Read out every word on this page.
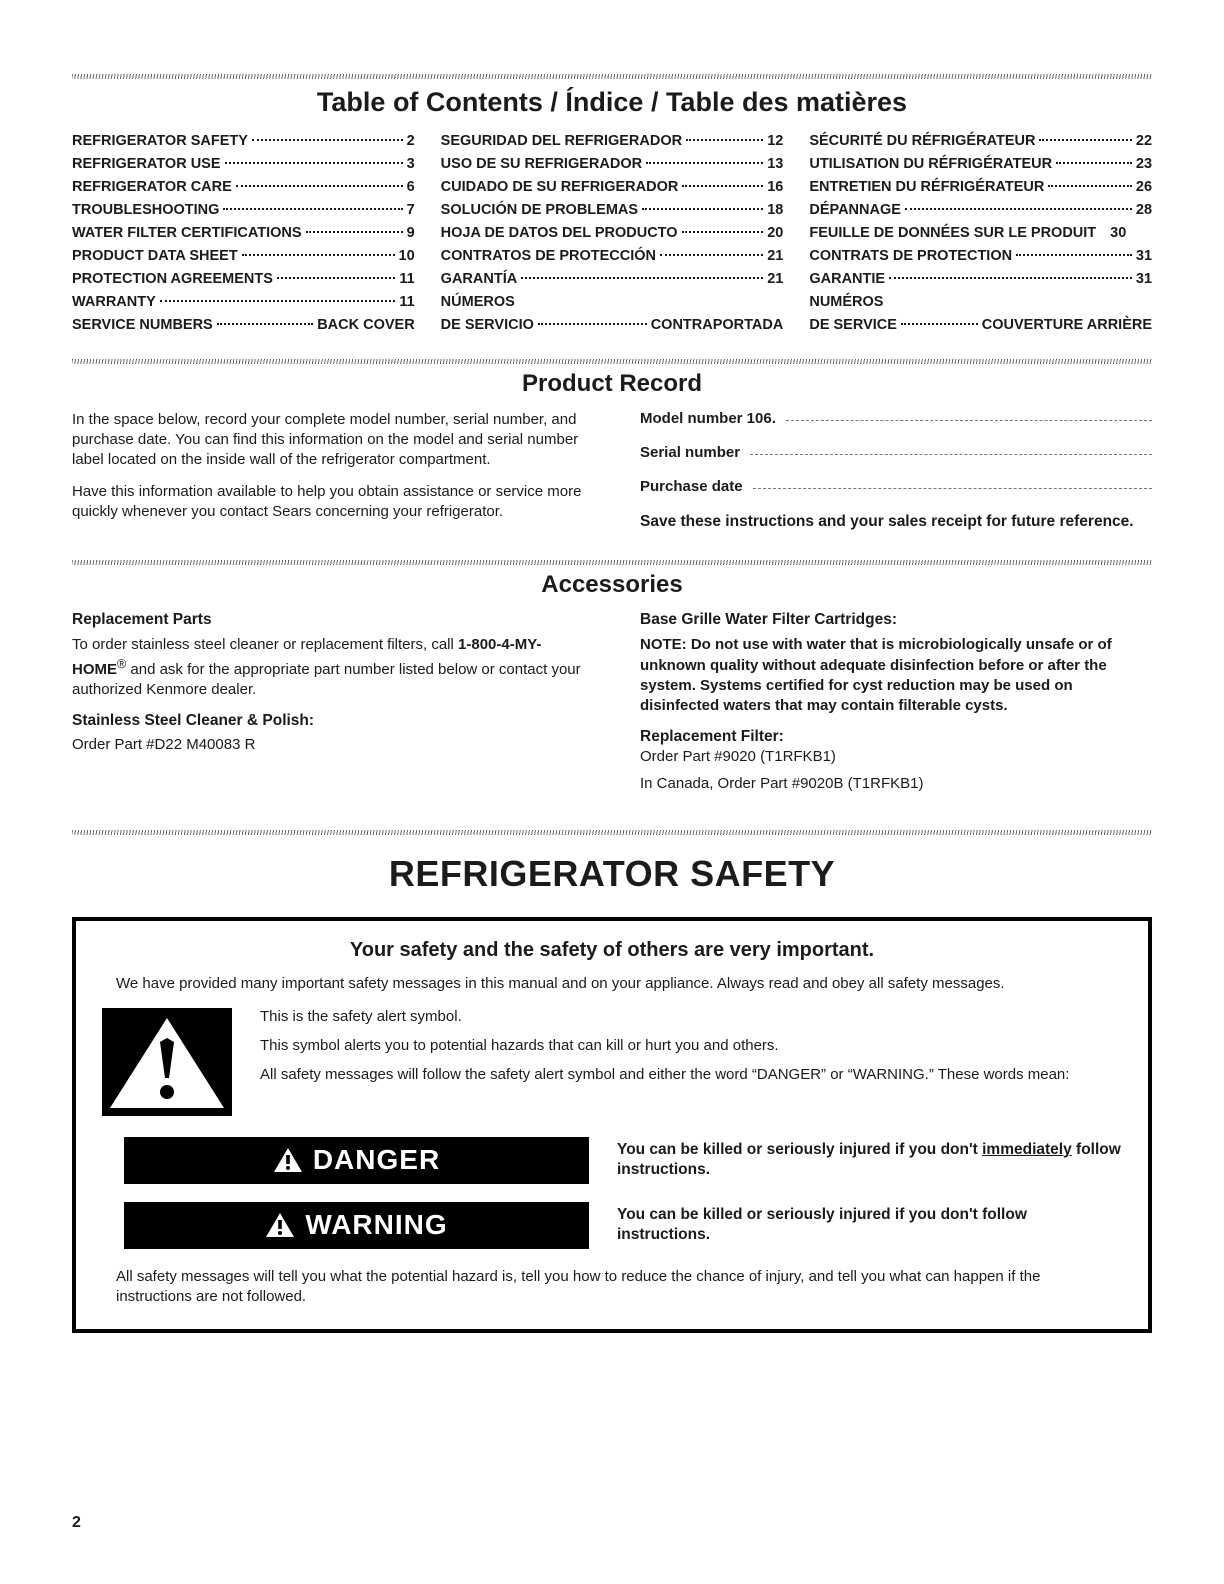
Table of Contents / Índice / Table des matières
REFRIGERATOR SAFETY	2
REFRIGERATOR USE	3
REFRIGERATOR CARE	6
TROUBLESHOOTING	7
WATER FILTER CERTIFICATIONS	9
PRODUCT DATA SHEET	10
PROTECTION AGREEMENTS	11
WARRANTY	11
SERVICE NUMBERS	BACK COVER
SEGURIDAD DEL REFRIGERADOR	12
USO DE SU REFRIGERADOR	13
CUIDADO DE SU REFRIGERADOR	16
SOLUCIÓN DE PROBLEMAS	18
HOJA DE DATOS DEL PRODUCTO	20
CONTRATOS DE PROTECCIÓN	21
GARANTÍA	21
NÚMEROS
DE SERVICIO	CONTRAPORTADA
SÉCURITÉ DU RÉFRIGÉRATEUR	22
UTILISATION DU RÉFRIGÉRATEUR	23
ENTRETIEN DU RÉFRIGÉRATEUR	26
DÉPANNAGE	28
FEUILLE DE DONNÉES SUR LE PRODUIT 30
CONTRATS DE PROTECTION	31
GARANTIE	31
NUMÉROS
DE SERVICE	COUVERTURE ARRIÈRE
Product Record

In the space below, record your complete model number, serial number, and purchase date. You can find this information on the model and serial number label located on the inside wall of the refrigerator compartment.

Have this information available to help you obtain assistance or service more quickly whenever you contact Sears concerning your refrigerator.

Model number 106.
Serial number
Purchase date
Save these instructions and your sales receipt for future reference.
Accessories
Replacement Parts

To order stainless steel cleaner or replacement filters, call 1-800-4-MY-HOME® and ask for the appropriate part number listed below or contact your authorized Kenmore dealer.

Stainless Steel Cleaner & Polish:
Order Part #D22 M40083 R
Base Grille Water Filter Cartridges:

NOTE: Do not use with water that is microbiologically unsafe or of unknown quality without adequate disinfection before or after the system. Systems certified for cyst reduction may be used on disinfected waters that may contain filterable cysts.

Replacement Filter:
Order Part #9020 (T1RFKB1)
In Canada, Order Part #9020B (T1RFKB1)
REFRIGERATOR SAFETY
Your safety and the safety of others are very important.

We have provided many important safety messages in this manual and on your appliance. Always read and obey all safety messages.

This is the safety alert symbol.

This symbol alerts you to potential hazards that can kill or hurt you and others.

All safety messages will follow the safety alert symbol and either the word “DANGER” or “WARNING.” These words mean:

DANGER	You can be killed or seriously injured if you don't immediately follow instructions.
WARNING	You can be killed or seriously injured if you don't follow instructions.

All safety messages will tell you what the potential hazard is, tell you how to reduce the chance of injury, and tell you what can happen if the instructions are not followed.

2
